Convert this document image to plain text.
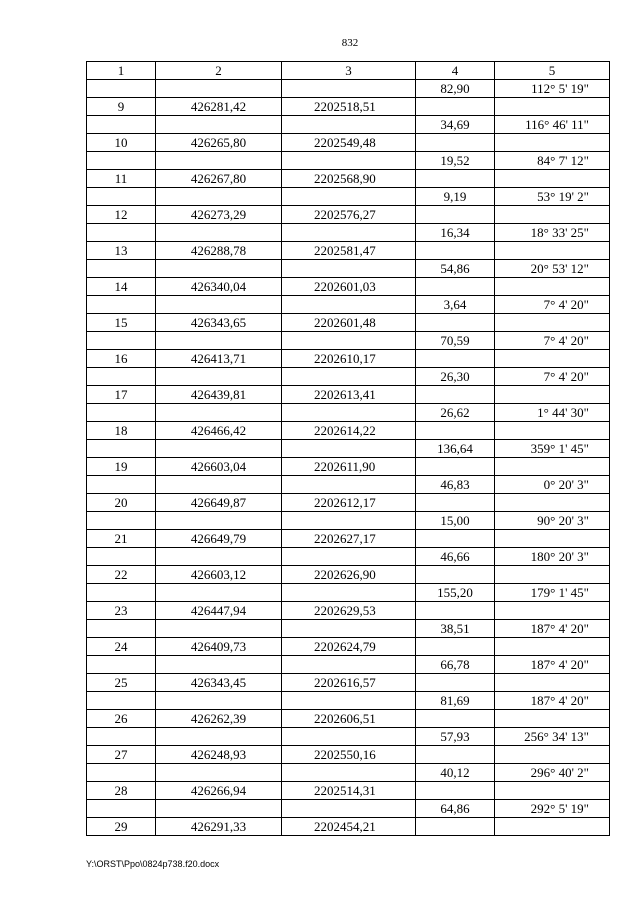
832
1	2	3	4	5
			82,90	112° 5' 19"
9	426281,42	2202518,51		
			34,69	116° 46' 11"
10	426265,80	2202549,48		
			19,52	84° 7' 12"
11	426267,80	2202568,90		
			9,19	53° 19' 2"
12	426273,29	2202576,27		
			16,34	18° 33' 25"
13	426288,78	2202581,47		
			54,86	20° 53' 12"
14	426340,04	2202601,03		
			3,64	7° 4' 20"
15	426343,65	2202601,48		
			70,59	7° 4' 20"
16	426413,71	2202610,17		
			26,30	7° 4' 20"
17	426439,81	2202613,41		
			26,62	1° 44' 30"
18	426466,42	2202614,22		
			136,64	359° 1' 45"
19	426603,04	2202611,90		
			46,83	0° 20' 3"
20	426649,87	2202612,17		
			15,00	90° 20' 3"
21	426649,79	2202627,17		
			46,66	180° 20' 3"
22	426603,12	2202626,90		
			155,20	179° 1' 45"
23	426447,94	2202629,53		
			38,51	187° 4' 20"
24	426409,73	2202624,79		
			66,78	187° 4' 20"
25	426343,45	2202616,57		
			81,69	187° 4' 20"
26	426262,39	2202606,51		
			57,93	256° 34' 13"
27	426248,93	2202550,16		
			40,12	296° 40' 2"
28	426266,94	2202514,31		
			64,86	292° 5' 19"
29	426291,33	2202454,21		
Y:\ORST\Ppo\0824p738.f20.docx
